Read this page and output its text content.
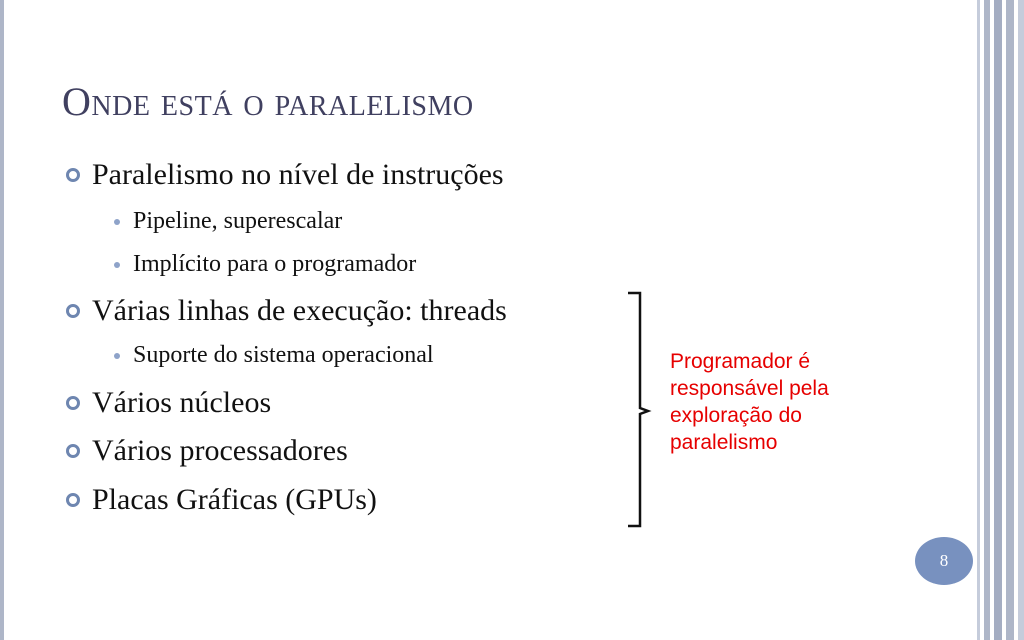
Onde está o paralelismo
Paralelismo no nível de instruções
Pipeline, superescalar
Implícito para o programador
Várias linhas de execução: threads
Suporte do sistema operacional
Vários núcleos
Vários processadores
Placas Gráficas (GPUs)
Programador é
responsável pela
exploração do
paralelismo
8
